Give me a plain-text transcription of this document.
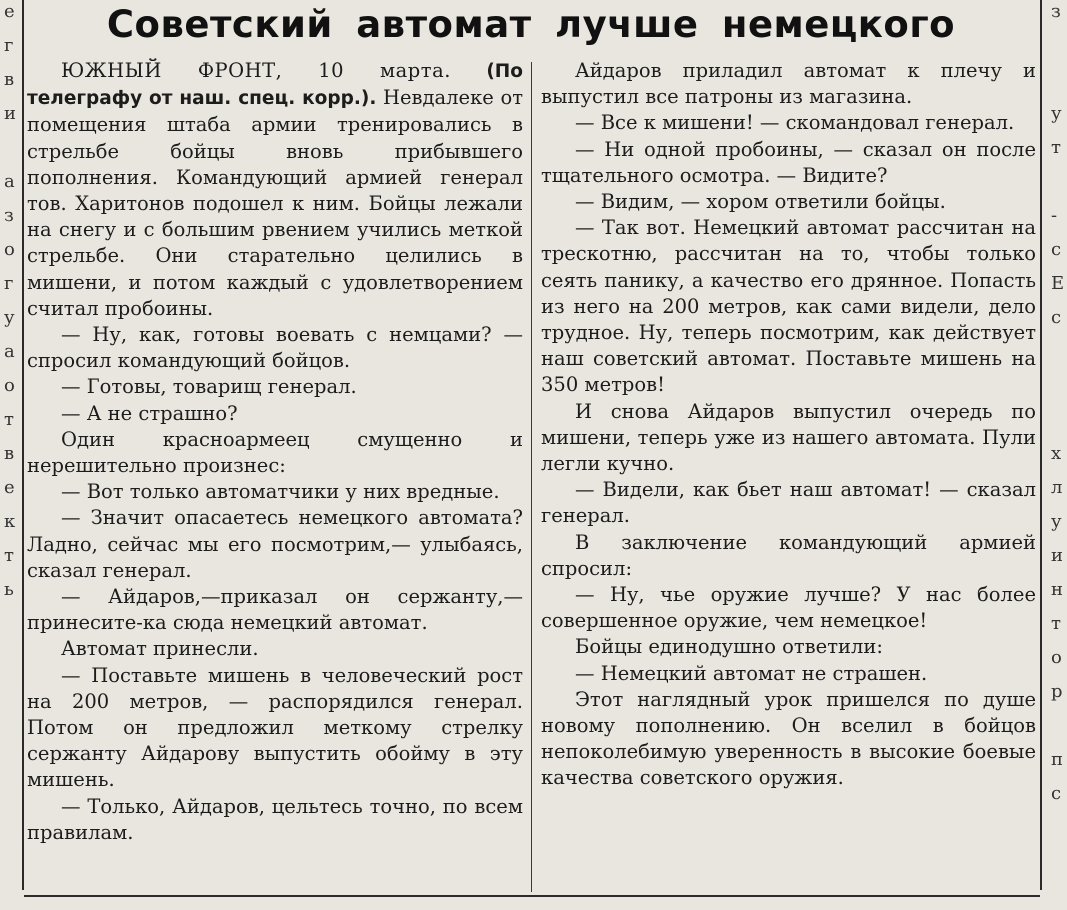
е
г
в
и
а
з
о
г
у
а
о
т
в
е
к
т
ь
з
у
т
-
с
Е
с
х
л
у
и
н
т
о
р
п
с
Советский автомат лучше немецкого

ЮЖНЫЙ ФРОНТ, 10 марта. (По телеграфу от наш. спец. корр.). Невдалеке от помещения штаба армии тренировались в стрельбе бойцы вновь прибывшего пополнения. Командующий армией генерал тов. Харитонов подошел к ним. Бойцы лежали на снегу и с большим рвением учились меткой стрельбе. Они старательно целились в мишени, и потом каждый с удовлетворением считал пробоины.

— Ну, как, готовы воевать с немцами? — спросил командующий бойцов.

— Готовы, товарищ генерал.

— А не страшно?

Один красноармеец смущенно и нерешительно произнес:

— Вот только автоматчики у них вредные.

— Значит опасаетесь немецкого автомата? Ладно, сейчас мы его посмотрим,— улыбаясь, сказал генерал.

— Айдаров,—приказал он сержанту,— принесите-ка сюда немецкий автомат.

Автомат принесли.

— Поставьте мишень в человеческий рост на 200 метров, — распорядился генерал. Потом он предложил меткому стрелку сержанту Айдарову выпустить обойму в эту мишень.

— Только, Айдаров, цельтесь точно, по всем правилам.

Айдаров приладил автомат к плечу и выпустил все патроны из магазина.

— Все к мишени! — скомандовал генерал.

— Ни одной пробоины, — сказал он после тщательного осмотра. — Видите?

— Видим, — хором ответили бойцы.

— Так вот. Немецкий автомат рассчитан на трескотню, рассчитан на то, чтобы только сеять панику, а качество его дрянное. Попасть из него на 200 метров, как сами видели, дело трудное. Ну, теперь посмотрим, как действует наш советский автомат. Поставьте мишень на 350 метров!

И снова Айдаров выпустил очередь по мишени, теперь уже из нашего автомата. Пули легли кучно.

— Видели, как бьет наш автомат! — сказал генерал.

В заключение командующий армией спросил:

— Ну, чье оружие лучше? У нас более совершенное оружие, чем немецкое!

Бойцы единодушно ответили:

— Немецкий автомат не страшен.

Этот наглядный урок пришелся по душе новому пополнению. Он вселил в бойцов непоколебимую уверенность в высокие боевые качества советского оружия.
